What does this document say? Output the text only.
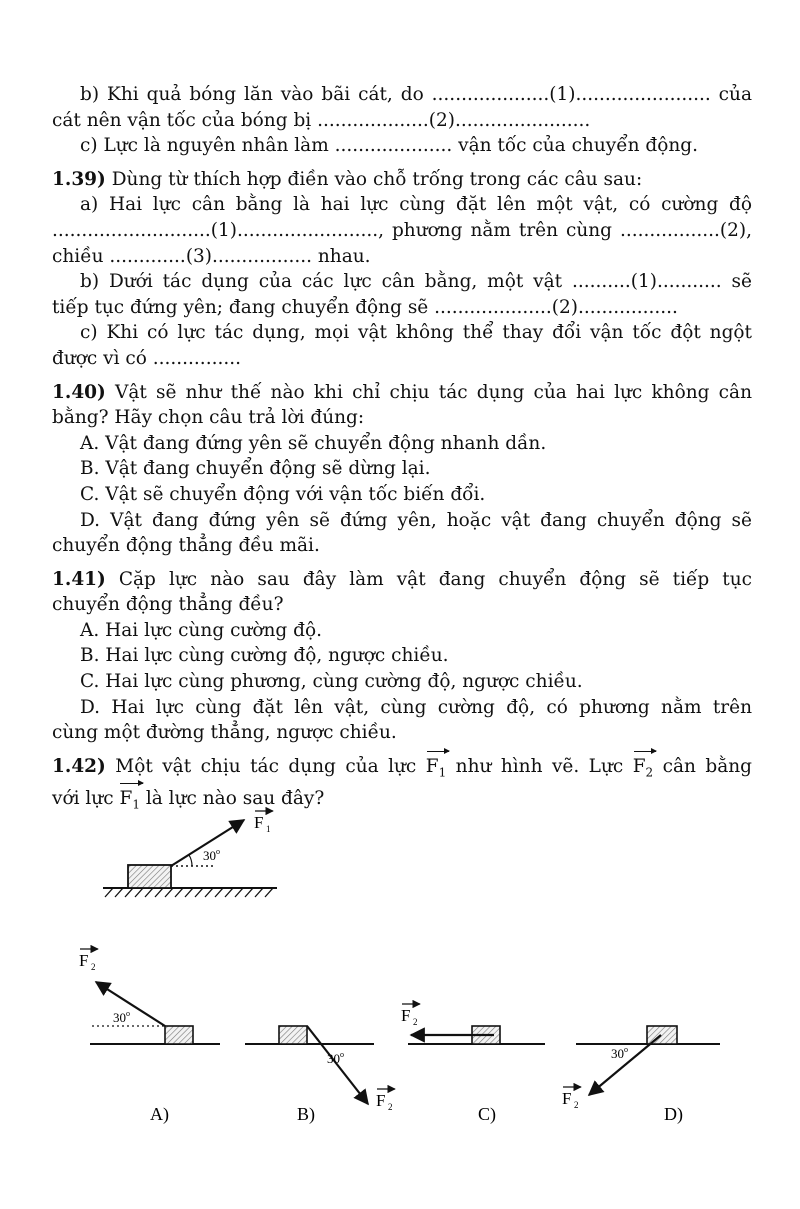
b) Khi quả bóng lăn vào bãi cát, do ....................(1)....................... của
cát nên vận tốc của bóng bị ...................(2).......................
c) Lực là nguyên nhân làm .................... vận tốc của chuyển động.
1.39) Dùng từ thích hợp điền vào chỗ trống trong các câu sau:
a) Hai lực cân bằng là hai lực cùng đặt lên một vật, có cường độ
...........................(1)........................, phương nằm trên cùng .................(2),
chiều .............(3)................. nhau.
b) Dưới tác dụng của các lực cân bằng, một vật ..........(1)........... sẽ
tiếp tục đứng yên; đang chuyển động sẽ ....................(2).................
c) Khi có lực tác dụng, mọi vật không thể thay đổi vận tốc đột ngột
được vì có ...............
1.40) Vật sẽ như thế nào khi chỉ chịu tác dụng của hai lực không cân
bằng? Hãy chọn câu trả lời đúng:
A. Vật đang đứng yên sẽ chuyển động nhanh dần.
B. Vật đang chuyển động sẽ dừng lại.
C. Vật sẽ chuyển động với vận tốc biến đổi.
D. Vật đang đứng yên sẽ đứng yên, hoặc vật đang chuyển động sẽ
chuyển động thẳng đều mãi.
1.41) Cặp lực nào sau đây làm vật đang chuyển động sẽ tiếp tục
chuyển động thẳng đều?
A. Hai lực cùng cường độ.
B. Hai lực cùng cường độ, ngược chiều.
C. Hai lực cùng phương, cùng cường độ, ngược chiều.
D. Hai lực cùng đặt lên vật, cùng cường độ, có phương nằm trên
cùng một đường thẳng, ngược chiều.
1.42) Một vật chịu tác dụng của lực $F_1$ như hình vẽ. Lực $F_2$ cân bằng
với lực $F_1$ là lực nào sau đây?
30$^o$
F 1
30$^o$
F 2
A)
30$^o$
F 2
B)
F 2
C)
30$^o$
F 2	D)
